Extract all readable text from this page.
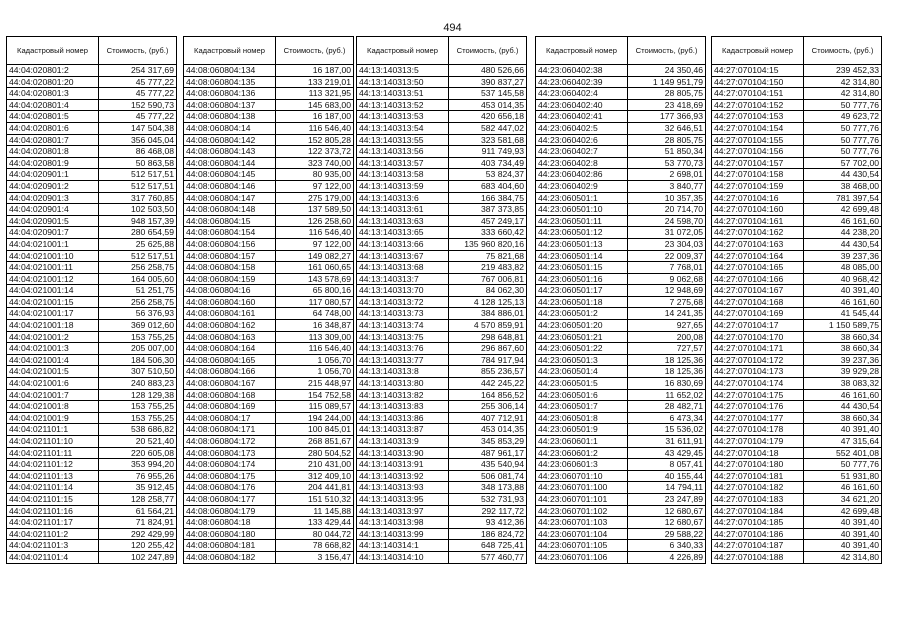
494
Кадастровый номер	Стоимость, (руб.)
44:04:020801:2	254 317,69
44:04:020801:20	45 777,22
44:04:020801:3	45 777,22
44:04:020801:4	152 590,73
44:04:020801:5	45 777,22
44:04:020801:6	147 504,38
44:04:020801:7	356 045,04
44:04:020801:8	86 468,08
44:04:020801:9	50 863,58
44:04:020901:1	512 517,51
44:04:020901:2	512 517,51
44:04:020901:3	317 760,85
44:04:020901:4	102 503,50
44:04:020901:5	948 157,39
44:04:020901:7	280 654,59
44:04:021001:1	25 625,88
44:04:021001:10	512 517,51
44:04:021001:11	256 258,75
44:04:021001:12	164 005,60
44:04:021001:14	51 251,75
44:04:021001:15	256 258,75
44:04:021001:17	56 376,93
44:04:021001:18	369 012,60
44:04:021001:2	153 755,25
44:04:021001:3	205 007,00
44:04:021001:4	184 506,30
44:04:021001:5	307 510,50
44:04:021001:6	240 883,23
44:04:021001:7	128 129,38
44:04:021001:8	153 755,25
44:04:021001:9	153 755,25
44:04:021101:1	538 686,82
44:04:021101:10	20 521,40
44:04:021101:11	220 605,08
44:04:021101:12	353 994,20
44:04:021101:13	76 955,26
44:04:021101:14	35 912,45
44:04:021101:15	128 258,77
44:04:021101:16	61 564,21
44:04:021101:17	71 824,91
44:04:021101:2	292 429,99
44:04:021101:3	120 255,42
44:04:021101:4	102 247,89
Кадастровый номер	Стоимость, (руб.)
44:08:060804:134	16 187,00
44:08:060804:135	133 219,01
44:08:060804:136	113 321,95
44:08:060804:137	145 683,00
44:08:060804:138	16 187,00
44:08:060804:14	116 546,40
44:08:060804:142	152 805,28
44:08:060804:143	122 373,72
44:08:060804:144	323 740,00
44:08:060804:145	80 935,00
44:08:060804:146	97 122,00
44:08:060804:147	275 179,00
44:08:060804:148	137 589,50
44:08:060804:15	126 258,60
44:08:060804:154	116 546,40
44:08:060804:156	97 122,00
44:08:060804:157	149 082,27
44:08:060804:158	161 060,65
44:08:060804:159	143 578,69
44:08:060804:16	65 800,16
44:08:060804:160	117 080,57
44:08:060804:161	64 748,00
44:08:060804:162	16 348,87
44:08:060804:163	113 309,00
44:08:060804:164	116 546,40
44:08:060804:165	1 056,70
44:08:060804:166	1 056,70
44:08:060804:167	215 448,97
44:08:060804:168	154 752,58
44:08:060804:169	115 089,57
44:08:060804:17	194 244,00
44:08:060804:171	100 845,01
44:08:060804:172	268 851,67
44:08:060804:173	280 504,52
44:08:060804:174	210 431,00
44:08:060804:175	312 409,10
44:08:060804:176	204 441,81
44:08:060804:177	151 510,32
44:08:060804:179	11 145,88
44:08:060804:18	133 429,44
44:08:060804:180	80 044,72
44:08:060804:181	78 668,82
44:08:060804:182	3 156,47
Кадастровый номер	Стоимость, (руб.)
44:13:140313:5	480 526,66
44:13:140313:50	390 837,27
44:13:140313:51	537 145,58
44:13:140313:52	453 014,35
44:13:140313:53	420 656,18
44:13:140313:54	582 447,02
44:13:140313:55	323 581,68
44:13:140313:56	911 749,93
44:13:140313:57	403 734,49
44:13:140313:58	53 824,37
44:13:140313:59	683 404,60
44:13:140313:6	166 384,75
44:13:140313:61	387 373,85
44:13:140313:63	457 249,17
44:13:140313:65	333 660,42
44:13:140313:66	135 960 820,16
44:13:140313:67	75 821,68
44:13:140313:68	219 483,82
44:13:140313:7	767 006,81
44:13:140313:70	84 062,30
44:13:140313:72	4 128 125,13
44:13:140313:73	384 886,01
44:13:140313:74	4 570 859,91
44:13:140313:75	298 648,81
44:13:140313:76	296 867,60
44:13:140313:77	784 917,94
44:13:140313:8	855 236,57
44:13:140313:80	442 245,22
44:13:140313:82	164 856,52
44:13:140313:83	255 306,14
44:13:140313:86	407 712,91
44:13:140313:87	453 014,35
44:13:140313:9	345 853,29
44:13:140313:90	487 961,17
44:13:140313:91	435 540,94
44:13:140313:92	506 081,74
44:13:140313:93	348 173,88
44:13:140313:95	532 731,93
44:13:140313:97	292 117,72
44:13:140313:98	93 412,36
44:13:140313:99	186 824,72
44:13:140314:1	648 725,41
44:13:140314:10	577 460,77
Кадастровый номер	Стоимость, (руб.)
44:23:060402:38	24 350,46
44:23:060402:39	1 149 951,79
44:23:060402:4	28 805,75
44:23:060402:40	23 418,69
44:23:060402:41	177 366,93
44:23:060402:5	32 646,51
44:23:060402:6	28 805,75
44:23:060402:7	51 850,34
44:23:060402:8	53 770,73
44:23:060402:86	2 698,01
44:23:060402:9	3 840,77
44:23:060501:1	10 357,35
44:23:060501:10	20 714,70
44:23:060501:11	24 598,70
44:23:060501:12	31 072,05
44:23:060501:13	23 304,03
44:23:060501:14	22 009,37
44:23:060501:15	7 768,01
44:23:060501:16	9 062,68
44:23:060501:17	12 948,69
44:23:060501:18	7 275,68
44:23:060501:2	14 241,35
44:23:060501:20	927,65
44:23:060501:21	200,08
44:23:060501:22	727,57
44:23:060501:3	18 125,36
44:23:060501:4	18 125,36
44:23:060501:5	16 830,69
44:23:060501:6	11 652,02
44:23:060501:7	28 482,71
44:23:060501:8	6 473,34
44:23:060501:9	15 536,02
44:23:060601:1	31 611,91
44:23:060601:2	43 429,45
44:23:060601:3	8 057,41
44:23:060701:10	40 155,44
44:23:060701:100	14 794,11
44:23:060701:101	23 247,89
44:23:060701:102	12 680,67
44:23:060701:103	12 680,67
44:23:060701:104	29 588,22
44:23:060701:105	6 340,33
44:23:060701:106	4 226,89
Кадастровый номер	Стоимость, (руб.)
44:27:070104:15	239 452,33
44:27:070104:150	42 314,80
44:27:070104:151	42 314,80
44:27:070104:152	50 777,76
44:27:070104:153	49 623,72
44:27:070104:154	50 777,76
44:27:070104:155	50 777,76
44:27:070104:156	50 777,76
44:27:070104:157	57 702,00
44:27:070104:158	44 430,54
44:27:070104:159	38 468,00
44:27:070104:16	781 397,54
44:27:070104:160	42 699,48
44:27:070104:161	46 161,60
44:27:070104:162	44 238,20
44:27:070104:163	44 430,54
44:27:070104:164	39 237,36
44:27:070104:165	48 085,00
44:27:070104:166	40 968,42
44:27:070104:167	40 391,40
44:27:070104:168	46 161,60
44:27:070104:169	41 545,44
44:27:070104:17	1 150 589,75
44:27:070104:170	38 660,34
44:27:070104:171	38 660,34
44:27:070104:172	39 237,36
44:27:070104:173	39 929,28
44:27:070104:174	38 083,32
44:27:070104:175	46 161,60
44:27:070104:176	44 430,54
44:27:070104:177	38 660,34
44:27:070104:178	40 391,40
44:27:070104:179	47 315,64
44:27:070104:18	552 401,08
44:27:070104:180	50 777,76
44:27:070104:181	51 931,80
44:27:070104:182	46 161,60
44:27:070104:183	34 621,20
44:27:070104:184	42 699,48
44:27:070104:185	40 391,40
44:27:070104:186	40 391,40
44:27:070104:187	40 391,40
44:27:070104:188	42 314,80
